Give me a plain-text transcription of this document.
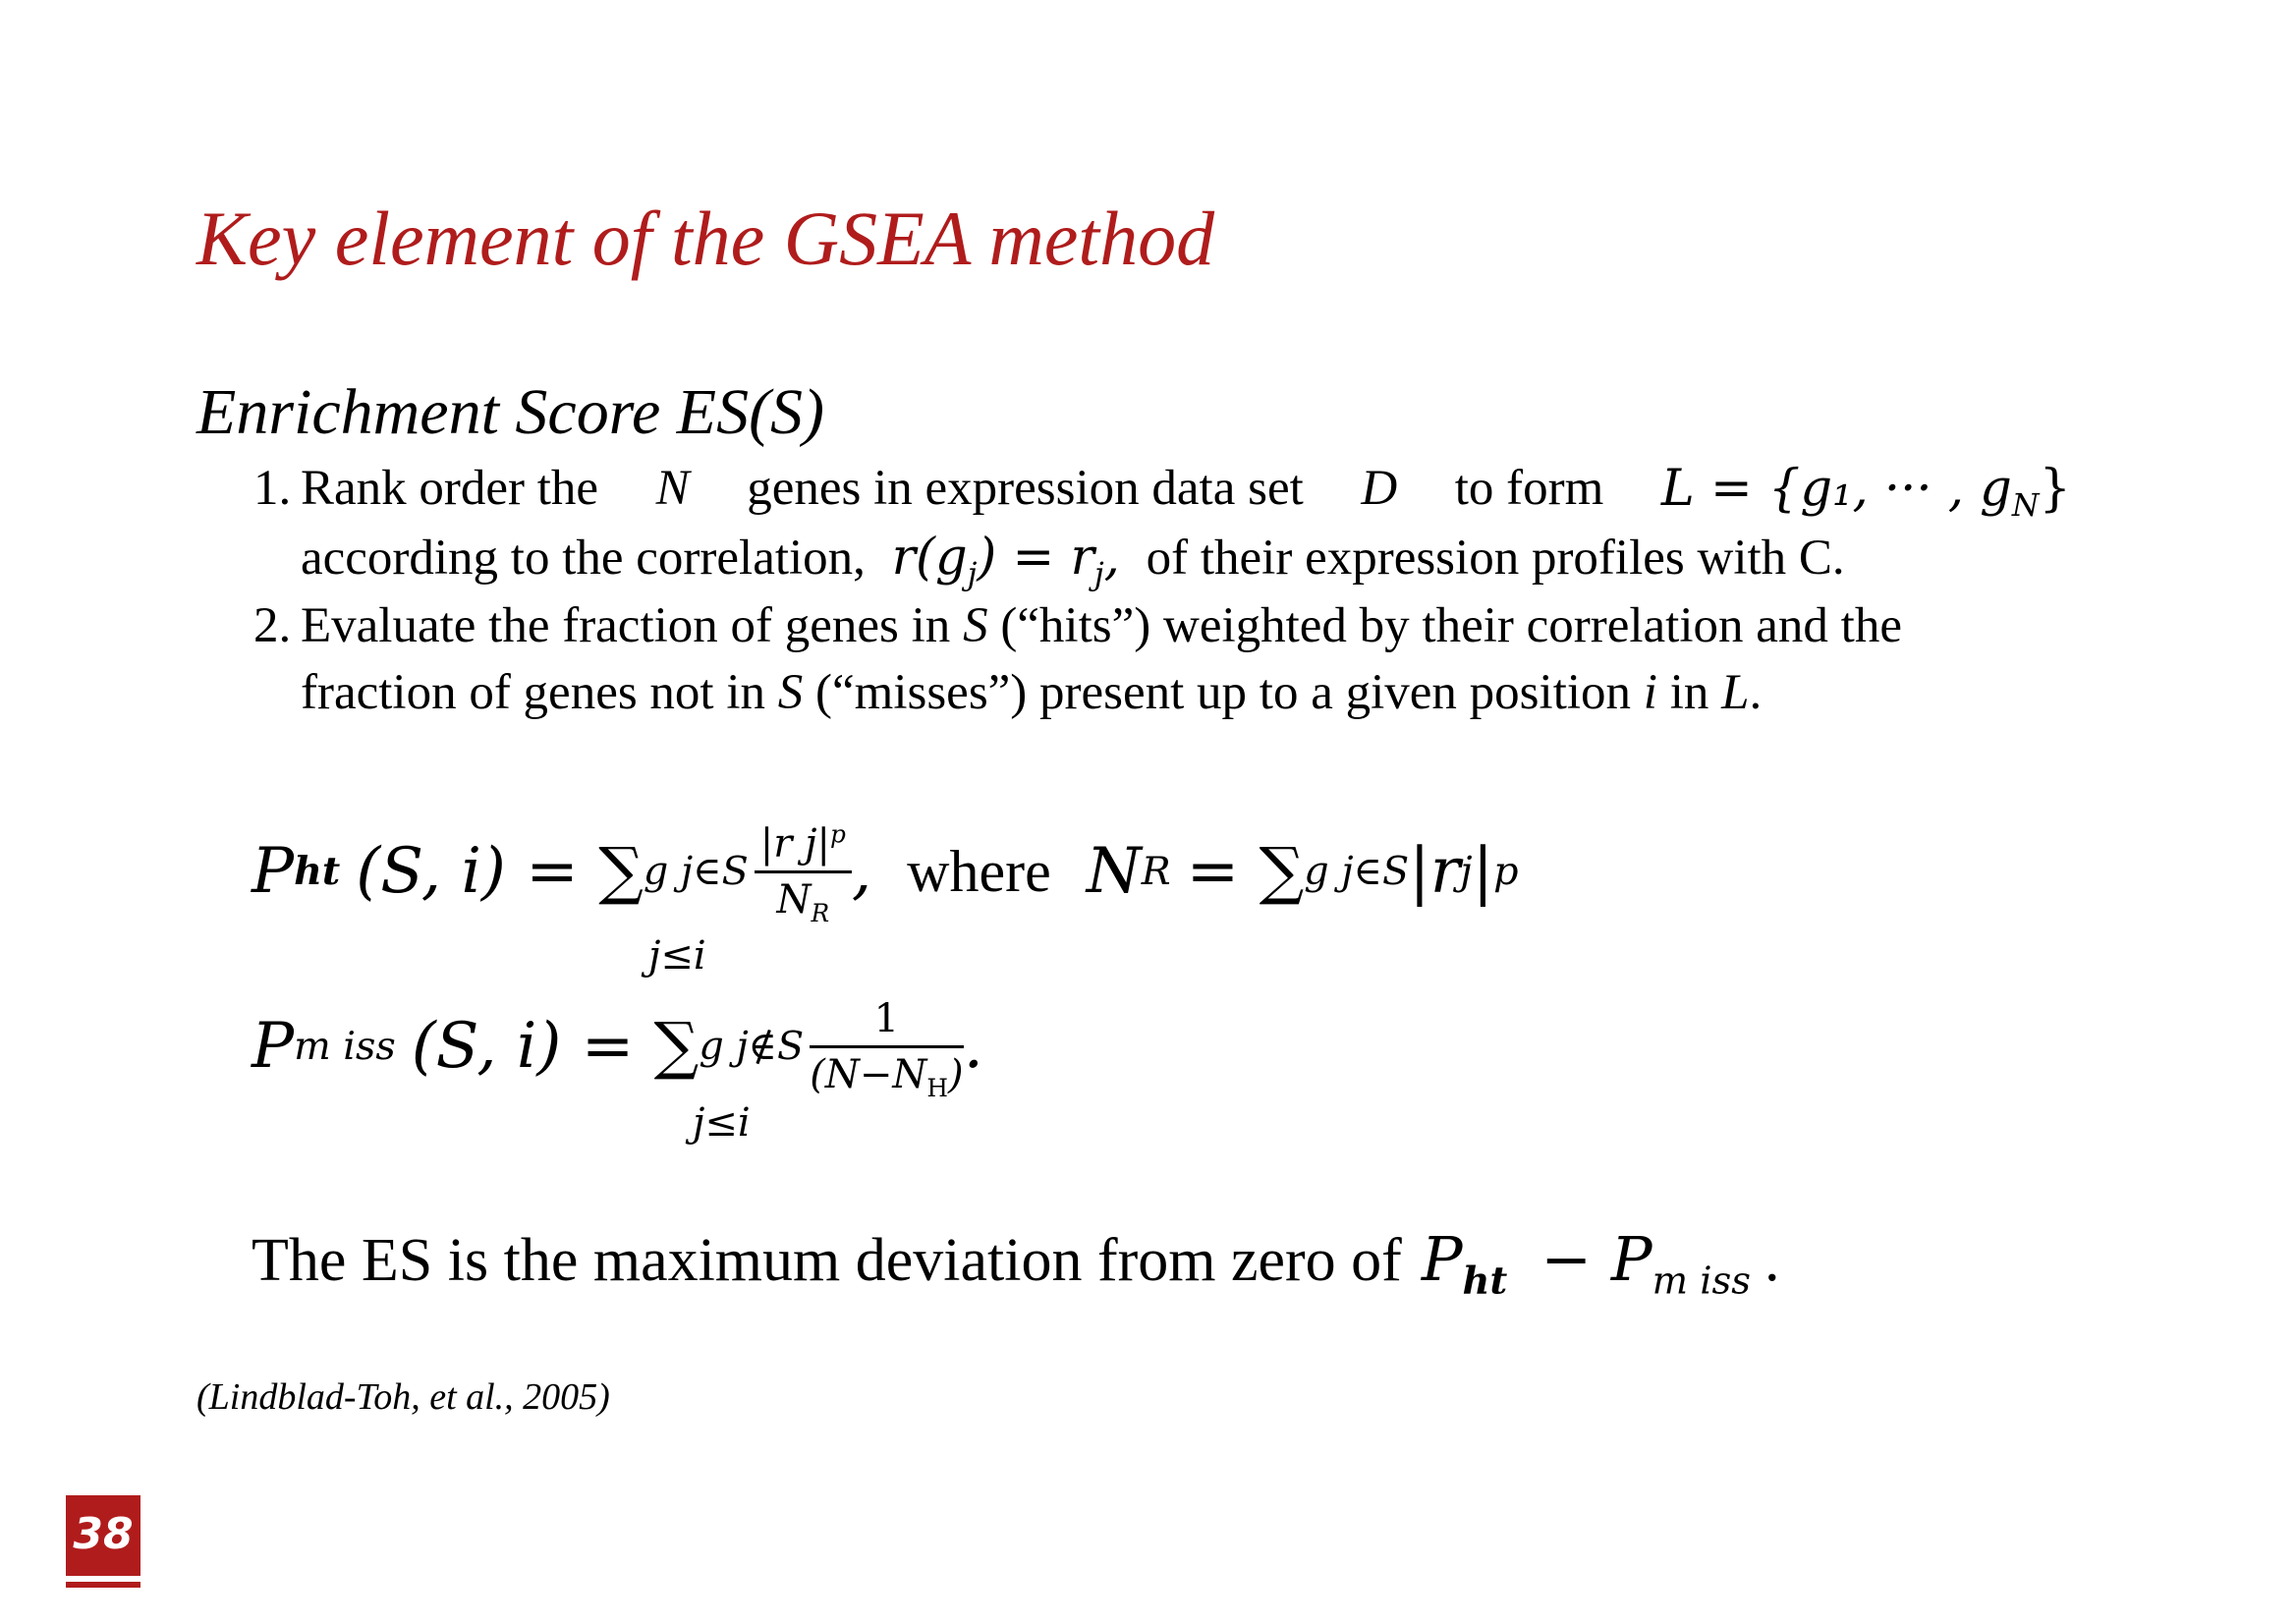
Key element of the GSEA method
Enrichment Score ES(S)
1. Rank order the N genes in expression data set D to form L = {g₁, ··· , $g_N$}
according to the correlation, $r(g_j) = r_j$, of their expression profiles with C.
2. Evaluate the fraction of genes in S (“hits”) weighted by their correlation and the
fraction of genes not in S (“misses”) present up to a given position i in L.
P ht (S, i) = ∑ g j∈S $\frac{|r j|^p}{N_R}$ , where N R = ∑ g j∈S |r j | p
j≤i
P m iss (S, i) = ∑ g j∉S $\frac{1}{(N-N_H)}$ .
j≤i
The ES is the maximum deviation from zero of $P_{ht} - P_{m iss}$ .
(Lindblad-Toh, et al., 2005)
38
